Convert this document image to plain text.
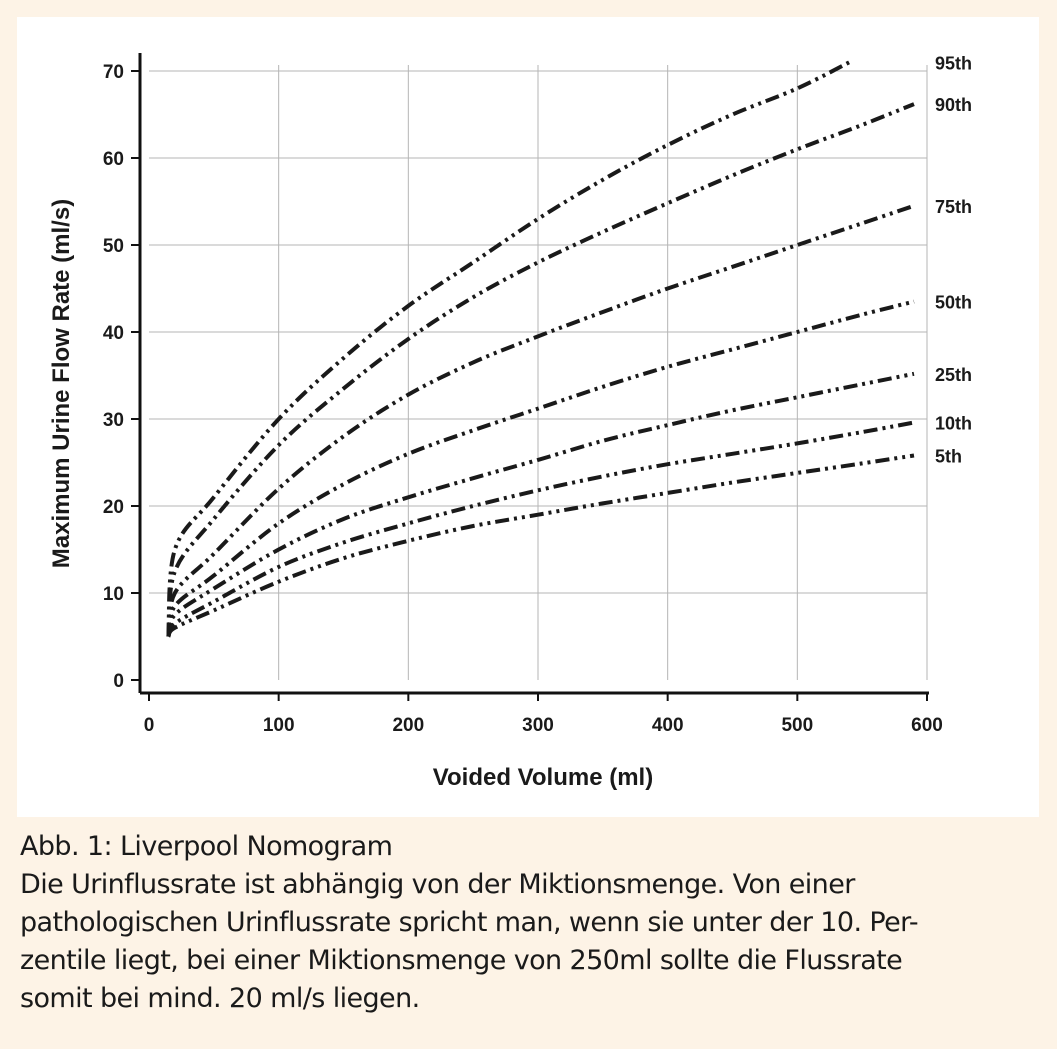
0	100	200	300	400	500	600
0
10
20
30
40
50
60
70
Voided Volume (ml)
Maximum Urine Flow Rate (ml/s)
95th
90th
75th
50th
25th
10th
5th
Abb. 1: Liverpool Nomogram
Die Urinflussrate ist abhängig von der Miktionsmenge. Von einer
pathologischen Urinflussrate spricht man, wenn sie unter der 10. Per-
zentile liegt, bei einer Miktionsmenge von 250ml sollte die Flussrate
somit bei mind. 20 ml/s liegen.
